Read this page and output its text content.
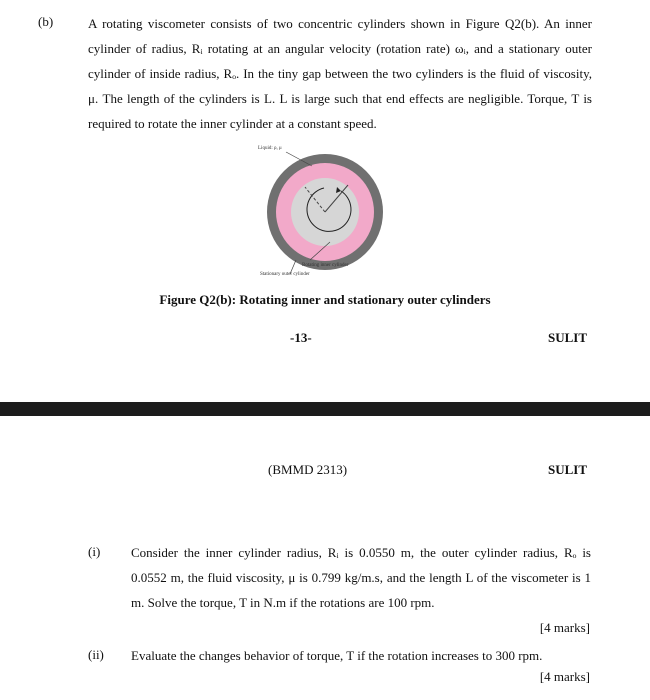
(b)	A rotating viscometer consists of two concentric cylinders shown in Figure Q2(b). An inner cylinder of radius, Rᵢ rotating at an angular velocity (rotation rate) ωᵢ, and a stationary outer cylinder of inside radius, Rₒ. In the tiny gap between the two cylinders is the fluid of viscosity, μ. The length of the cylinders is L. L is large such that end effects are negligible. Torque, T is required to rotate the inner cylinder at a constant speed.
Liquid: ρ, μ
Rotating inner cylinder
Stationary outer cylinder
Figure Q2(b): Rotating inner and stationary outer cylinders
-13-	SULIT
(BMMD 2313)	SULIT
(i) Consider the inner cylinder radius, Rᵢ is 0.0550 m, the outer cylinder radius, Rₒ is 0.0552 m, the fluid viscosity, μ is 0.799 kg/m.s, and the length L of the viscometer is 1 m. Solve the torque, T in N.m if the rotations are 100 rpm.
[4 marks]
(ii) Evaluate the changes behavior of torque, T if the rotation increases to 300 rpm.
[4 marks]
